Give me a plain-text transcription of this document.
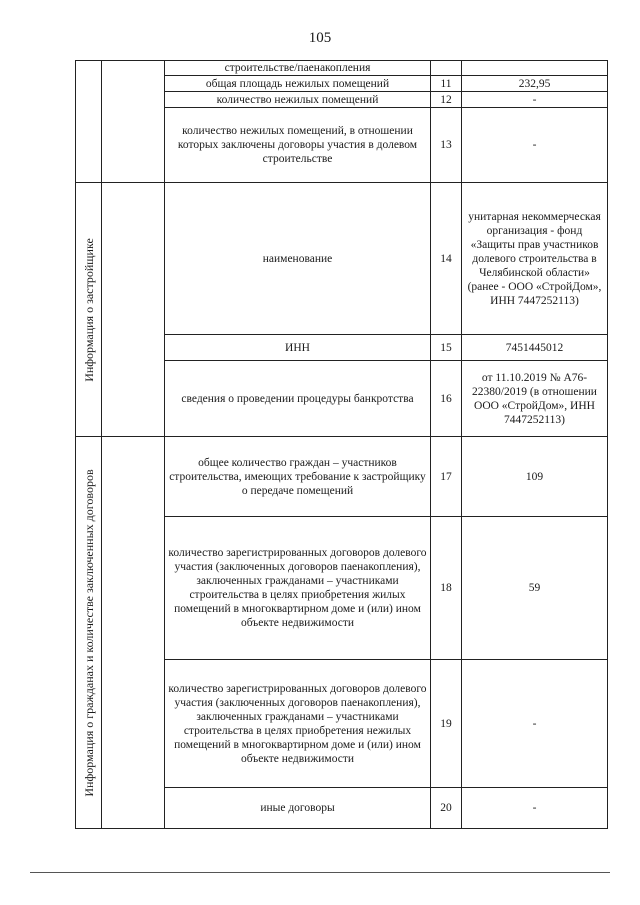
105
		строительстве/паенакопления		
		общая площадь нежилых помещений	11	232,95
		количество нежилых помещений	12	-
		количество нежилых помещений, в отношении которых заключены договоры участия в долевом строительстве	13	-

Информация о застройщике		наименование	14	унитарная некоммерческая организация - фонд «Защиты прав участников долевого строительства в Челябинской области» (ранее - ООО «СтройДом», ИНН 7447252113)
		ИНН	15	7451445012
		сведения о проведении процедуры банкротства	16	от 11.10.2019 № А76-22380/2019 (в отношении ООО «СтройДом», ИНН 7447252113)

Информация о гражданах и количестве заключенных договоров		общее количество граждан – участников строительства, имеющих требование к застройщику о передаче помещений	17	109
		количество зарегистрированных договоров долевого участия (заключенных договоров паенакопления), заключенных гражданами – участниками строительства в целях приобретения жилых помещений в многоквартирном доме и (или) ином объекте недвижимости	18	59
		количество зарегистрированных договоров долевого участия (заключенных договоров паенакопления), заключенных гражданами – участниками строительства в целях приобретения нежилых помещений в многоквартирном доме и (или) ином объекте недвижимости	19	-
		иные договоры	20	-
